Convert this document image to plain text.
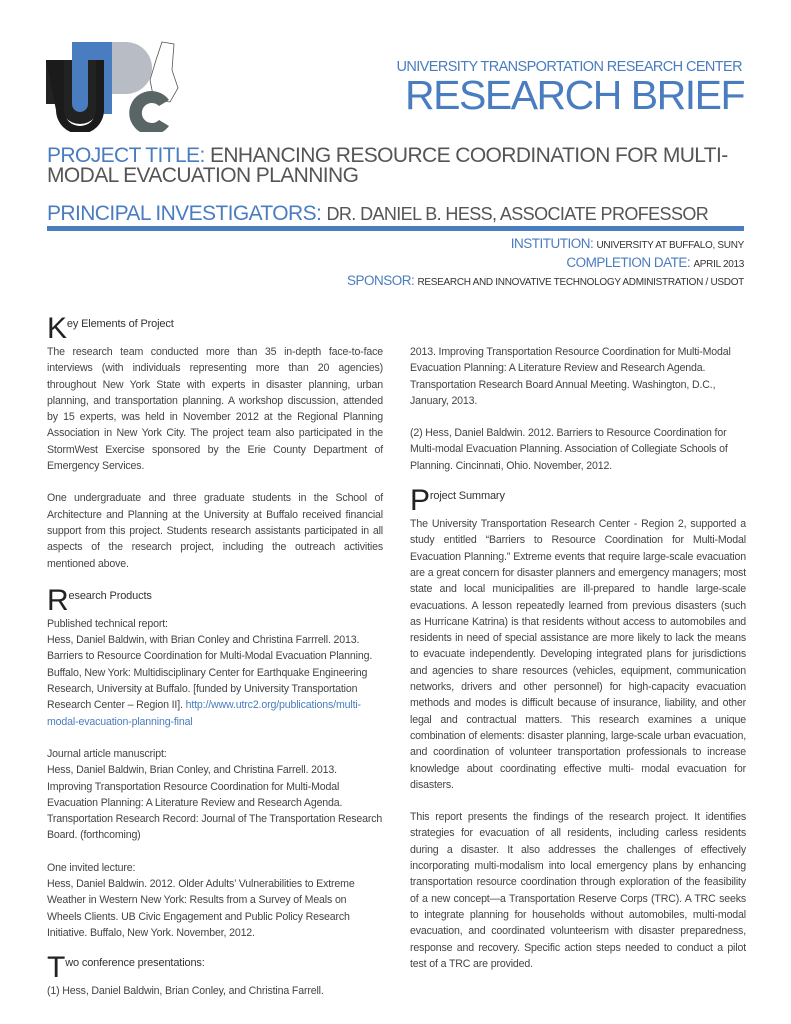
UNIVERSITY TRANSPORTATION RESEARCH CENTER
RESEARCH BRIEF
PROJECT TITLE: ENHANCING RESOURCE COORDINATION FOR MULTI-MODAL EVACUATION PLANNING
PRINCIPAL INVESTIGATORS: DR. DANIEL B. HESS, ASSOCIATE PROFESSOR
INSTITUTION: UNIVERSITY AT BUFFALO, SUNY
COMPLETION DATE: APRIL 2013
SPONSOR: RESEARCH AND INNOVATIVE TECHNOLOGY ADMINISTRATION / USDOT
K ey Elements of Project

The research team conducted more than 35 in-depth face-to-face interviews (with individuals representing more than 20 agencies) throughout New York State with experts in disaster planning, urban planning, and transportation planning. A workshop discussion, attended by 15 experts, was held in November 2012 at the Regional Planning Association in New York City. The project team also participated in the StormWest Exercise sponsored by the Erie County Department of Emergency Services.

One undergraduate and three graduate students in the School of Architecture and Planning at the University at Buffalo received financial support from this project. Students research assistants participated in all aspects of the research project, including the outreach activities mentioned above.

R esearch Products

Published technical report:

Hess, Daniel Baldwin, with Brian Conley and Christina Farrrell. 2013. Barriers to Resource Coordination for Multi-Modal Evacuation Planning. Buffalo, New York: Multidisciplinary Center for Earthquake Engineering Research, University at Buffalo. [funded by University Transportation Research Center – Region II]. http://www.utrc2.org/publications/multi-modal-evacuation-planning-final

Journal article manuscript:

Hess, Daniel Baldwin, Brian Conley, and Christina Farrell. 2013. Improving Transportation Resource Coordination for Multi-Modal Evacuation Planning: A Literature Review and Research Agenda. Transportation Research Record: Journal of The Transportation Research Board. (forthcoming)

One invited lecture:

Hess, Daniel Baldwin. 2012. Older Adults’ Vulnerabilities to Extreme Weather in Western New York: Results from a Survey of Meals on Wheels Clients. UB Civic Engagement and Public Policy Research Initiative. Buffalo, New York. November, 2012.

T wo conference presentations:

(1) Hess, Daniel Baldwin, Brian Conley, and Christina Farrell.

2013. Improving Transportation Resource Coordination for Multi-Modal Evacuation Planning: A Literature Review and Research Agenda. Transportation Research Board Annual Meeting. Washington, D.C., January, 2013.

(2) Hess, Daniel Baldwin. 2012. Barriers to Resource Coordination for Multi-modal Evacuation Planning. Association of Collegiate Schools of Planning. Cincinnati, Ohio. November, 2012.

P roject Summary

The University Transportation Research Center - Region 2, supported a study entitled “Barriers to Resource Coordination for Multi-Modal Evacuation Planning.” Extreme events that require large-scale evacuation are a great concern for disaster planners and emergency managers; most state and local municipalities are ill-prepared to handle large-scale evacuations. A lesson repeatedly learned from previous disasters (such as Hurricane Katrina) is that residents without access to automobiles and residents in need of special assistance are more likely to lack the means to evacuate independently. Developing integrated plans for jurisdictions and agencies to share resources (vehicles, equipment, communication networks, drivers and other personnel) for high-capacity evacuation methods and modes is difficult because of insurance, liability, and other legal and contractual matters. This research examines a unique combination of elements: disaster planning, large-scale urban evacuation, and coordination of volunteer transportation professionals to increase knowledge about coordinating effective multi- modal evacuation for disasters.

This report presents the findings of the research project. It identifies strategies for evacuation of all residents, including carless residents during a disaster. It also addresses the challenges of effectively incorporating multi-modalism into local emergency plans by enhancing transportation resource coordination through exploration of the feasibility of a new concept—a Transportation Reserve Corps (TRC). A TRC seeks to integrate planning for households without automobiles, multi-modal evacuation, and coordinated volunteerism with disaster preparedness, response and recovery. Specific action steps needed to conduct a pilot test of a TRC are provided.
